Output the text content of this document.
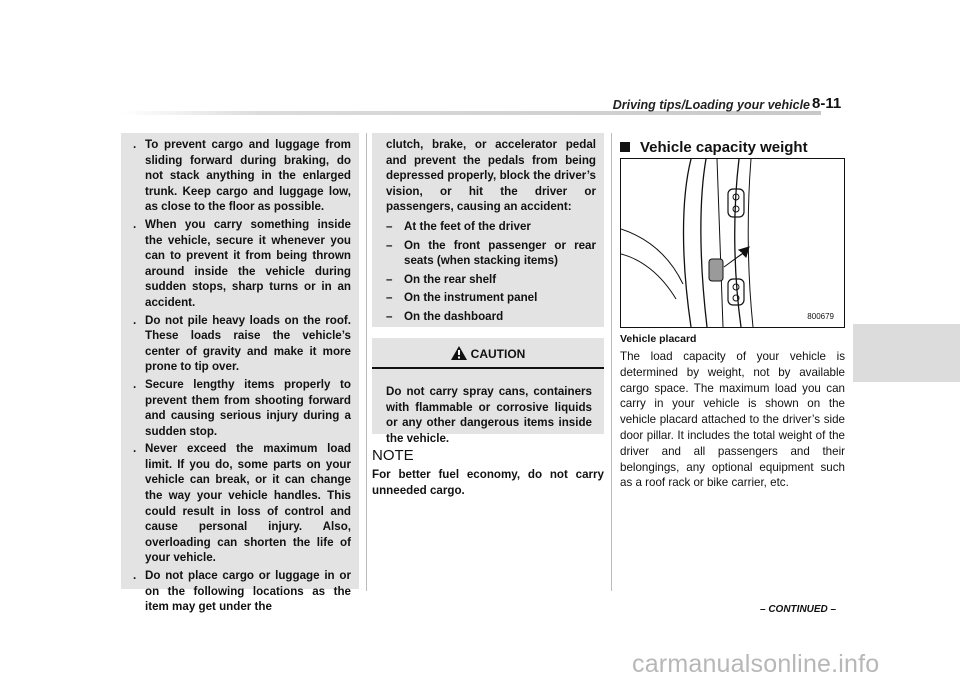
Driving tips/Loading your vehicle 8-11
. To prevent cargo and luggage from sliding forward during braking, do not stack anything in the enlarged trunk. Keep cargo and luggage low, as close to the floor as possible.
. When you carry something inside the vehicle, secure it whenever you can to prevent it from being thrown around inside the vehicle during sudden stops, sharp turns or in an accident.
. Do not pile heavy loads on the roof. These loads raise the vehicle’s center of gravity and make it more prone to tip over.
. Secure lengthy items properly to prevent them from shooting forward and causing serious injury during a sudden stop.
. Never exceed the maximum load limit. If you do, some parts on your vehicle can break, or it can change the way your vehicle handles. This could result in loss of control and cause personal injury. Also, overloading can shorten the life of your vehicle.
. Do not place cargo or luggage in or on the following locations as the item may get under the
clutch, brake, or accelerator pedal and prevent the pedals from being depressed properly, block the driver’s vision, or hit the driver or passengers, causing an accident:
– At the feet of the driver
– On the front passenger or rear seats (when stacking items)
– On the rear shelf
– On the instrument panel
– On the dashboard
CAUTION
Do not carry spray cans, containers with flammable or corrosive liquids or any other dangerous items inside the vehicle.
NOTE
For better fuel economy, do not carry unneeded cargo.
Vehicle capacity weight
800679
Vehicle placard
The load capacity of your vehicle is determined by weight, not by available cargo space. The maximum load you can carry in your vehicle is shown on the vehicle placard attached to the driver’s side door pillar. It includes the total weight of the driver and all passengers and their belongings, any optional equipment such as a roof rack or bike carrier, etc.
– CONTINUED –
carmanualsonline.info
